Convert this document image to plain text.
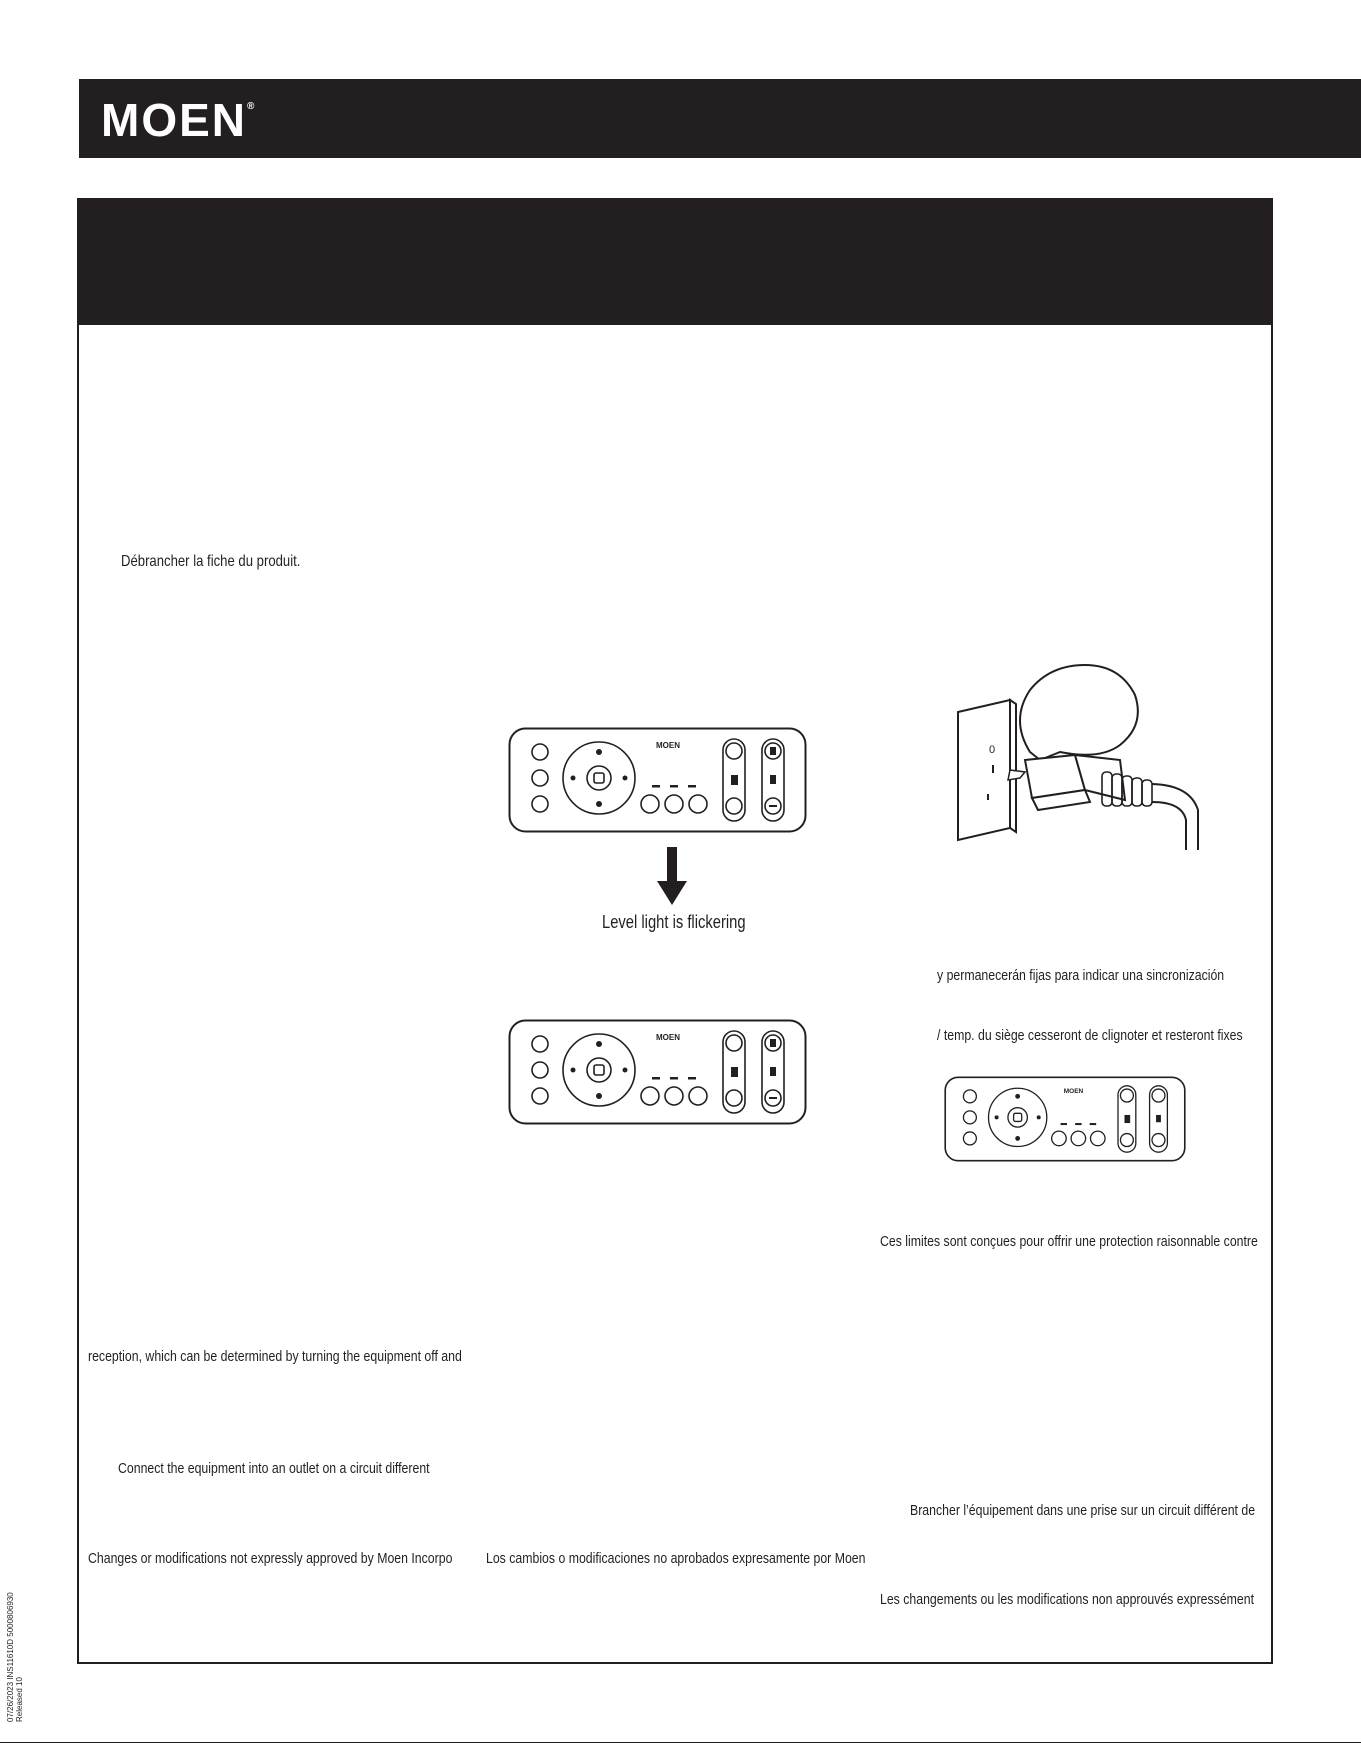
MOEN®
Débrancher la fiche du produit.
Level light is flickering
y permanecerán fijas para indicar una sincronización
/ temp. du siège cesseront de clignoter et resteront fixes
Ces limites sont conçues pour offrir une protection raisonnable contre
reception, which can be determined by turning the equipment off and
Connect the equipment into an outlet on a circuit different
Brancher l’équipement dans une prise sur un circuit différent de
Changes or modifications not expressly approved by Moen Incorpo Los cambios o modificaciones no aprobados expresamente por Moen
Les changements ou les modifications non approuvés expressément
MOEN
MOEN
MOEN
0
07/26/2023 INS11610D 5000806930 Released 10
